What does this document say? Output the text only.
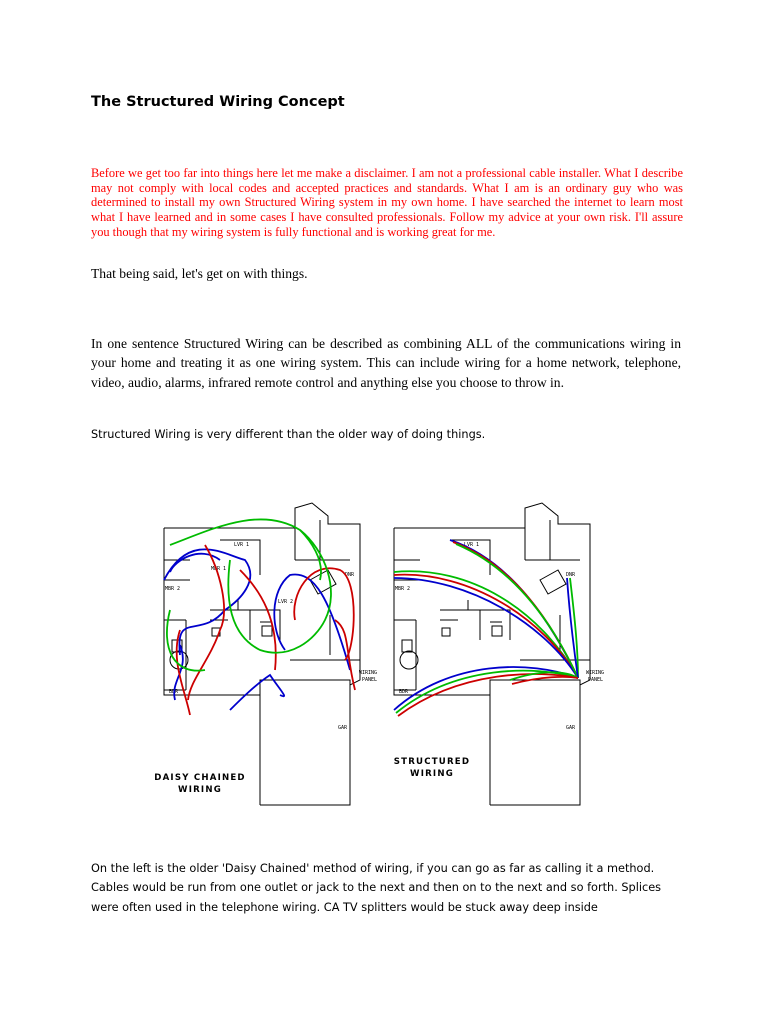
The Structured Wiring Concept

Before we get too far into things here let me make a disclaimer. I am not a professional cable installer. What I describe may not comply with local codes and accepted practices and standards. What I am is an ordinary guy who was determined to install my own Structured Wiring system in my own home. I have searched the internet to learn most what I have learned and in some cases I have consulted professionals. Follow my advice at your own risk. I'll assure you though that my wiring system is fully functional and is working great for me.

That being said, let's get on with things.

In one sentence Structured Wiring can be described as combining ALL of the communications wiring in your home and treating it as one wiring system. This can include wiring for a home network, telephone, video, audio, alarms, infrared remote control and anything else you choose to throw in.

Structured Wiring is very different than the older way of doing things.

LVR 1
MBR 1
MBR 2
LVR 2
DNR
BDR
WIRING
PANEL
GAR
LVR 1
MBR 2
DNR
BDR
WIRING
PANEL
GAR
DAISY CHAINED
WIRING
STRUCTURED
WIRING

On the left is the older 'Daisy Chained' method of wiring, if you can go as far as calling it a method. Cables would be run from one outlet or jack to the next and then on to the next and so forth. Splices were often used in the telephone wiring. CA TV splitters would be stuck away deep inside
